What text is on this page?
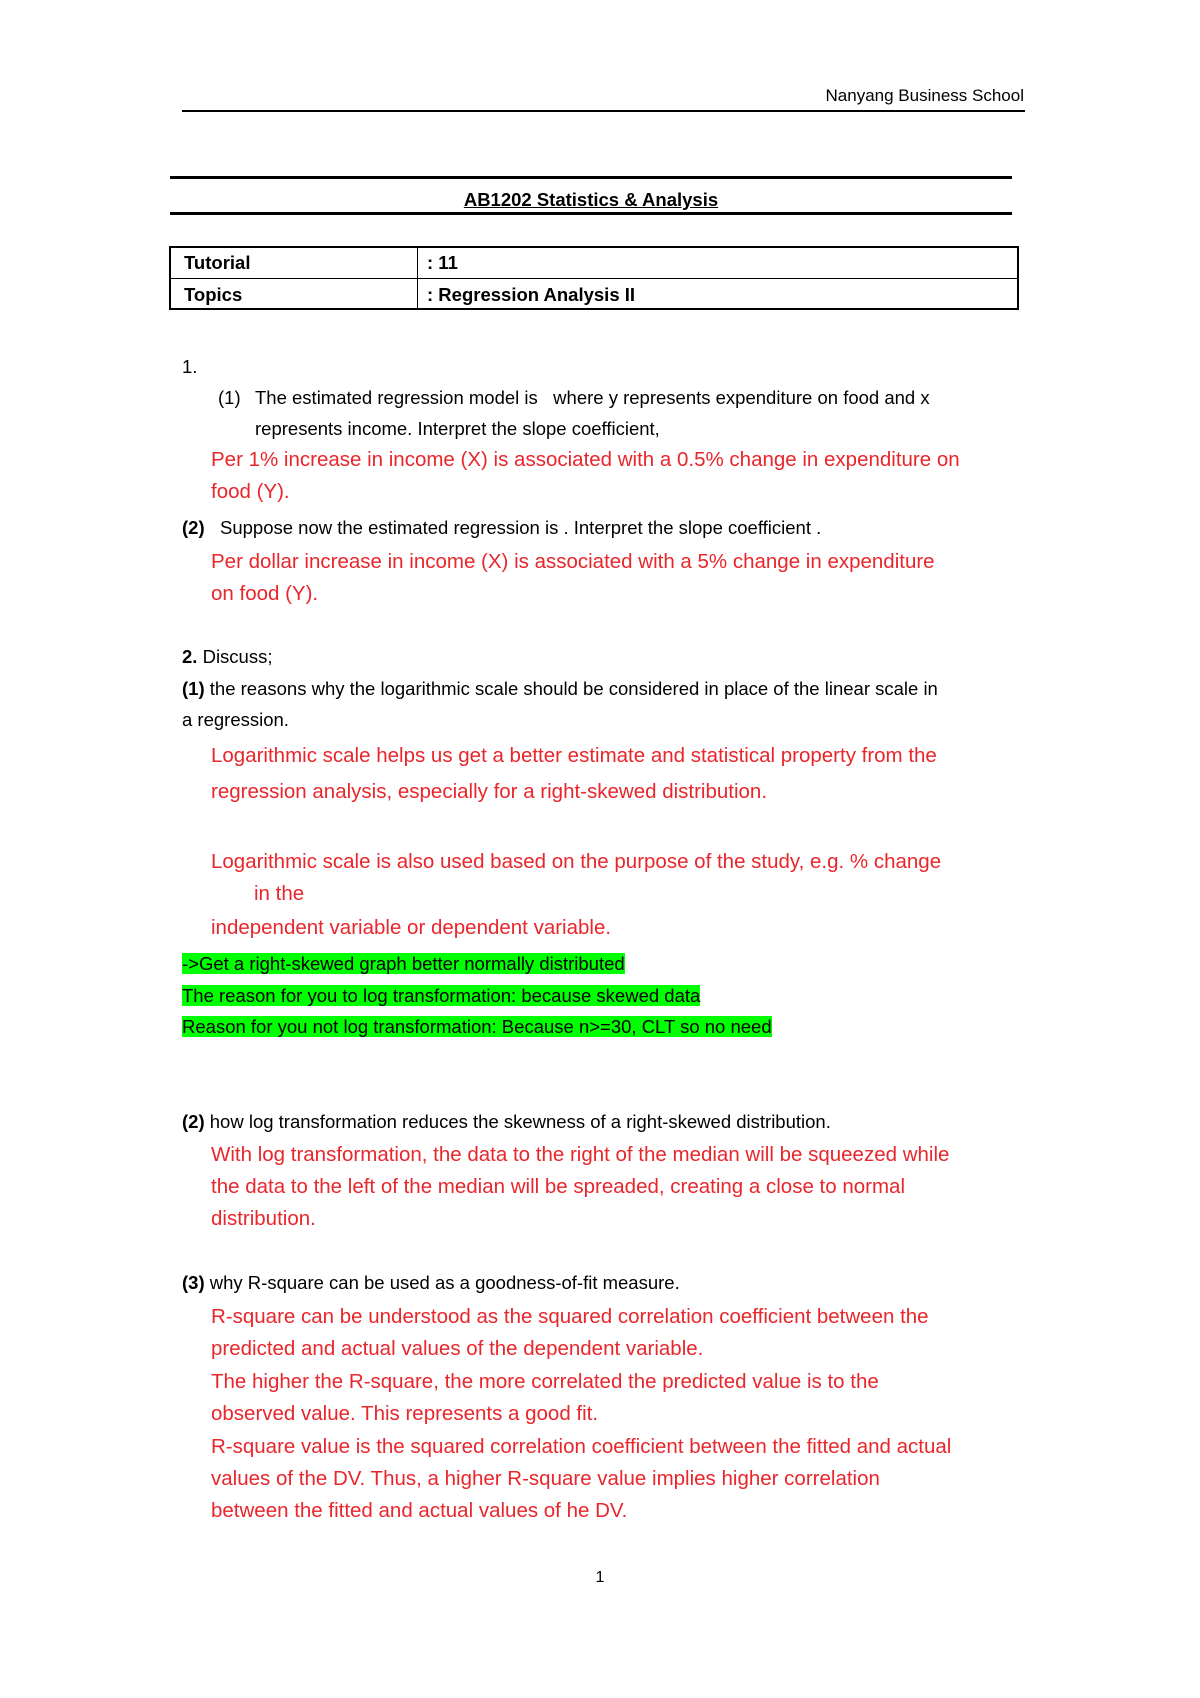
Nanyang Business School
AB1202 Statistics & Analysis
Tutorial	: 11
Topics	: Regression Analysis II
1.
(1) The estimated regression model is   where y represents expenditure on food and x
represents income. Interpret the slope coefficient,
Per 1% increase in income (X) is associated with a 0.5% change in expenditure on
food (Y).
(2) Suppose now the estimated regression is . Interpret the slope coefficient .
Per dollar increase in income (X) is associated with a 5% change in expenditure
on food (Y).
2. Discuss;
(1) the reasons why the logarithmic scale should be considered in place of the linear scale in
a regression.
Logarithmic scale helps us get a better estimate and statistical property from the
regression analysis, especially for a right-skewed distribution.
Logarithmic scale is also used based on the purpose of the study, e.g. % change
in the
independent variable or dependent variable.
->Get a right-skewed graph better normally distributed
The reason for you to log transformation: because skewed data
Reason for you not log transformation: Because n>=30, CLT so no need
(2) how log transformation reduces the skewness of a right-skewed distribution.
With log transformation, the data to the right of the median will be squeezed while
the data to the left of the median will be spreaded, creating a close to normal
distribution.
(3) why R-square can be used as a goodness-of-fit measure.
R-square can be understood as the squared correlation coefficient between the
predicted and actual values of the dependent variable.
The higher the R-square, the more correlated the predicted value is to the
observed value. This represents a good fit.
R-square value is the squared correlation coefficient between the fitted and actual
values of the DV. Thus, a higher R-square value implies higher correlation
between the fitted and actual values of he DV.
1
